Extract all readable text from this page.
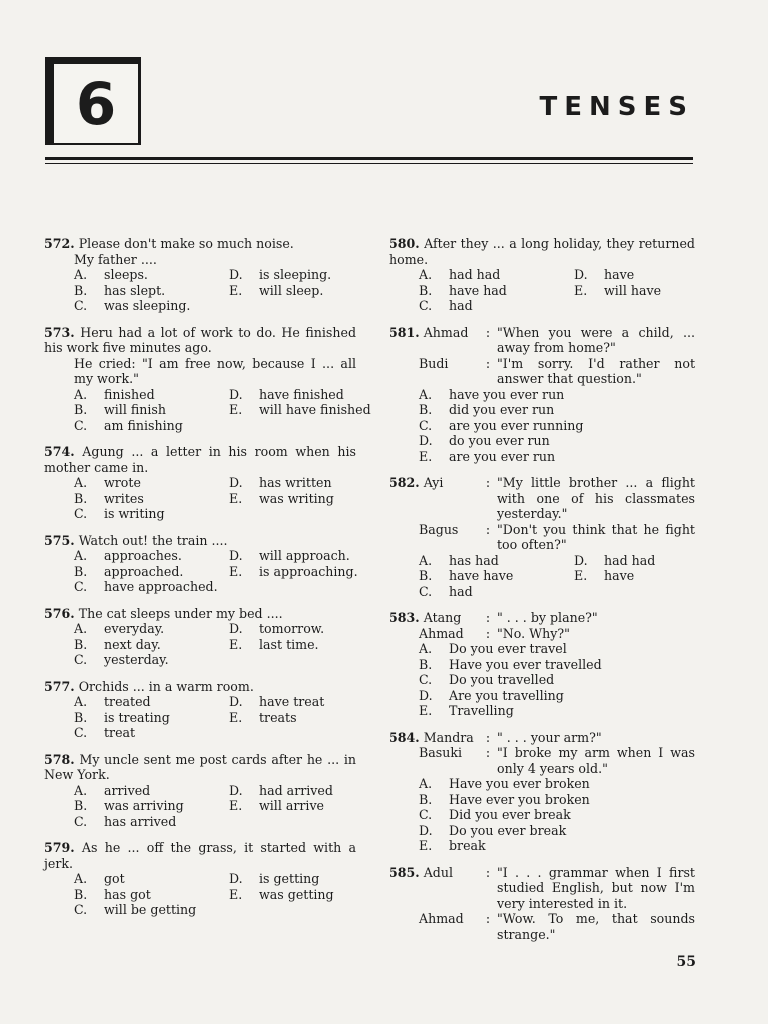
6	TENSES
572. Please don't make so much noise.
My father ....
A.	sleeps.	D.	is sleeping.
B.	has slept.	E.	will sleep.
C.	was sleeping.
573. Heru had a lot of work to do. He finished his work five minutes ago.
He cried: "I am free now, because I ... all my work."
A.	finished	D.	have finished
B.	will finish	E.	will have finished
C.	am finishing
574. Agung ... a letter in his room when his mother came in.
A.	wrote	D.	has written
B.	writes	E.	was writing
C.	is writing
575. Watch out! the train ....
A.	approaches.	D.	will approach.
B.	approached.	E.	is approaching.
C.	have approached.
576. The cat sleeps under my bed ....
A.	everyday.	D.	tomorrow.
B.	next day.	E.	last time.
C.	yesterday.
577. Orchids ... in a warm room.
A.	treated	D.	have treat
B.	is treating	E.	treats
C.	treat
578. My uncle sent me post cards after he ... in New York.
A.	arrived	D.	had arrived
B.	was arriving	E.	will arrive
C.	has arrived
579. As he ... off the grass, it started with a jerk.
A.	got	D.	is getting
B.	has got	E.	was getting
C.	will be getting
580. After they ... a long holiday, they returned home.
A.	had had	D.	have
B.	have had	E.	will have
C.	had
581. Ahmad	: "When you were a child, ... away from home?"
Budi	: "I'm sorry. I'd rather not answer that question."
A.	have you ever run
B.	did you ever run
C.	are you ever running
D.	do you ever run
E.	are you ever run
582. Ayi	: "My little brother ... a flight with one of his classmates yesterday."
Bagus	: "Don't you think that he fight too often?"
A.	has had	D.	had had
B.	have have	E.	have
C.	had
583. Atang	: " . . . by plane?"
Ahmad	: "No. Why?"
A.	Do you ever travel
B.	Have you ever travelled
C.	Do you travelled
D.	Are you travelling
E.	Travelling
584. Mandra : " . . . your arm?"
Basuki	: "I broke my arm when I was only 4 years old."
A.	Have you ever broken
B.	Have ever you broken
C.	Did you ever break
D.	Do you ever break
E.	break
585. Adul	: "I . . . grammar when I first studied English, but now I'm very interested in it.
Ahmad	: "Wow. To me, that sounds strange."
55
